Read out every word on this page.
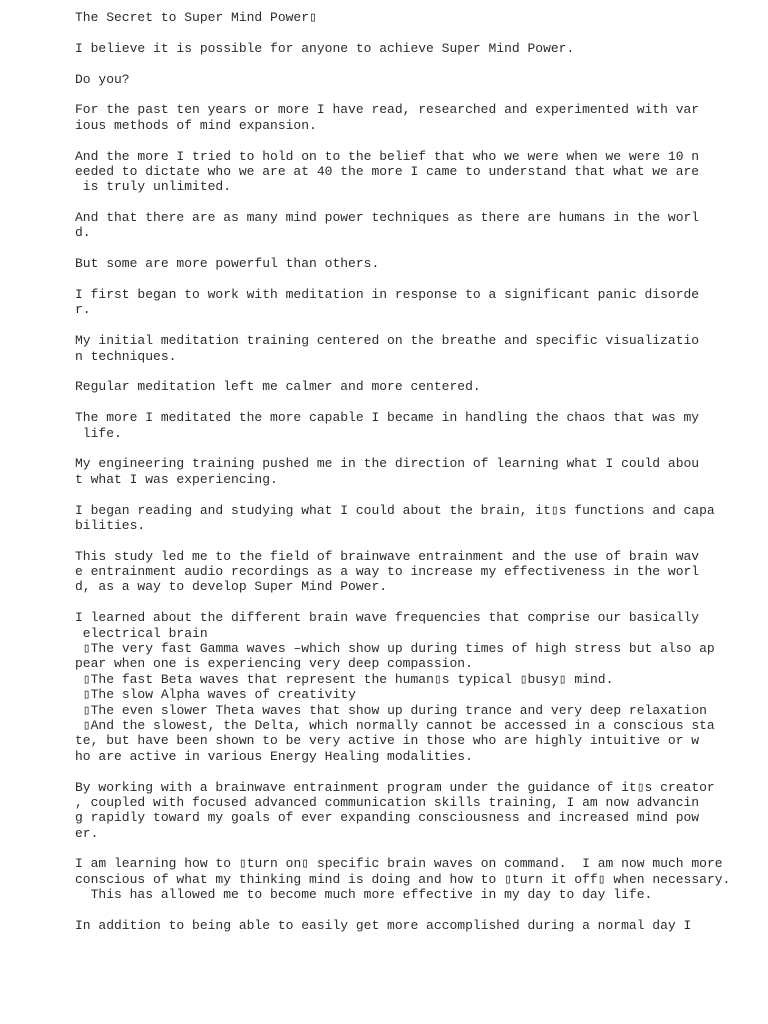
The Secret to Super Mind Power▯
I believe it is possible for anyone to achieve Super Mind Power.
Do you?
For the past ten years or more I have read, researched and experimented with var
ious methods of mind expansion.
And the more I tried to hold on to the belief that who we were when we were 10 n
eeded to dictate who we are at 40 the more I came to understand that what we are
is truly unlimited.
And that there are as many mind power techniques as there are humans in the worl
d.
But some are more powerful than others.
I first began to work with meditation in response to a significant panic disorde
r.
My initial meditation training centered on the breathe and specific visualizatio
n techniques.
Regular meditation left me calmer and more centered.
The more I meditated the more capable I became in handling the chaos that was my
life.
My engineering training pushed me in the direction of learning what I could abou
t what I was experiencing.
I began reading and studying what I could about the brain, it▯s functions and capa
bilities.
This study led me to the field of brainwave entrainment and the use of brain wav
e entrainment audio recordings as a way to increase my effectiveness in the worl
d, as a way to develop Super Mind Power.
I learned about the different brain wave frequencies that comprise our basically
electrical brain
▯The very fast Gamma waves –which show up during times of high stress but also ap
pear when one is experiencing very deep compassion.
▯The fast Beta waves that represent the human▯s typical ▯busy▯ mind.
▯The slow Alpha waves of creativity
▯The even slower Theta waves that show up during trance and very deep relaxation
▯And the slowest, the Delta, which normally cannot be accessed in a conscious sta
te, but have been shown to be very active in those who are highly intuitive or w
ho are active in various Energy Healing modalities.
By working with a brainwave entrainment program under the guidance of it▯s creator
, coupled with focused advanced communication skills training, I am now advancin
g rapidly toward my goals of ever expanding consciousness and increased mind pow
er.
I am learning how to ▯turn on▯ specific brain waves on command.  I am now much more
conscious of what my thinking mind is doing and how to ▯turn it off▯ when necessary.
This has allowed me to become much more effective in my day to day life.
In addition to being able to easily get more accomplished during a normal day I
